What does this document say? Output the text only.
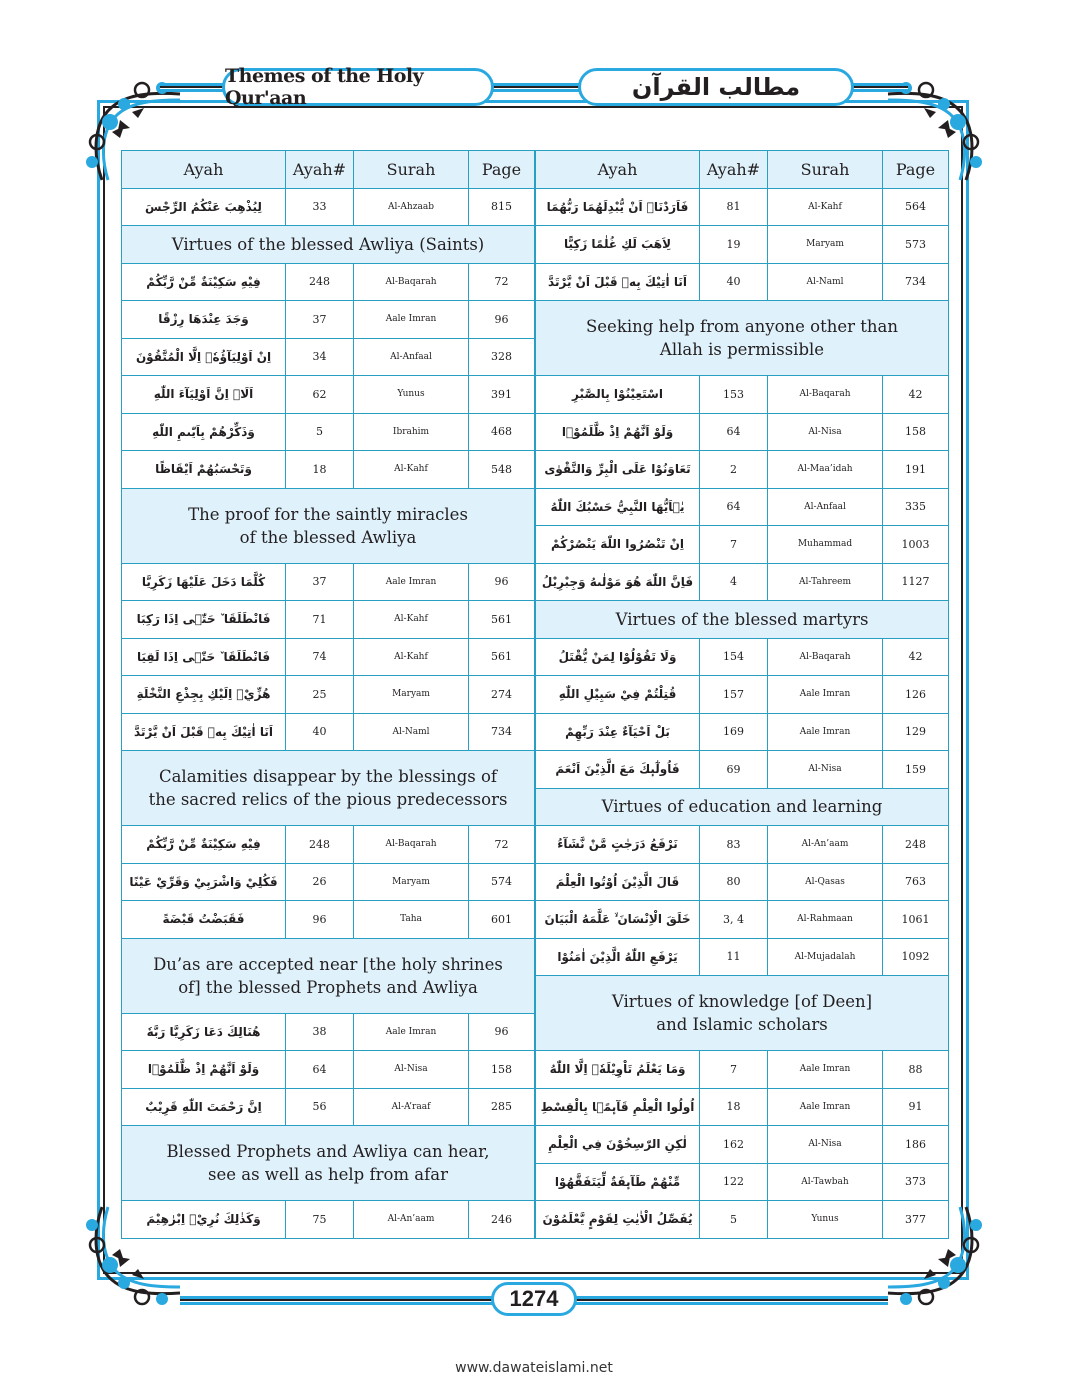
Themes of the Holy Qur'aan	مطالب القرآن
Ayah	Ayah#	Surah	Page
لِيُذْهِبَ عَنْكُمُ الرِّجْسَ	33	Al-Ahzaab	815
Virtues of the blessed Awliya (Saints)
فِيْهِ سَكِيْنَةٌ مِّنْ رَّبِّكُمْ	248	Al-Baqarah	72
وَجَدَ عِنْدَهَا رِزْقًا	37	Aale Imran	96
اِنْ اَوْلِيَآؤُهٗۤ اِلَّا الْمُتَّقُوْنَ	34	Al-Anfaal	328
اَلَاۤ اِنَّ اَوْلِيَآءَ اللّٰهِ	62	Yunus	391
وَذَكِّرْهُمْ بِاَيّٰىمِ اللّٰهِ	5	Ibrahim	468
وَتَحْسَبُهُمْ اَيْقَاظًا	18	Al-Kahf	548
The proof for the saintly miracles
of the blessed Awliya
كُلَّمَا دَخَلَ عَلَيْهَا زَكَرِيَّا	37	Aale Imran	96
فَانْطَلَقَا ٚ حَتّٰۤى اِذَا رَكِبَا	71	Al-Kahf	561
فَانْطَلَقَا ٚ حَتّٰۤى اِذَا لَقِيَا	74	Al-Kahf	561
هُزِّيْۤ اِلَيْكِ بِجِذْعِ النَّخْلَةِ	25	Maryam	274
اَنَا اٰتِيْكَ بِهٖ قَبْلَ اَنْ يَّرْتَدَّ	40	Al-Naml	734
Calamities disappear by the blessings of
the sacred relics of the pious predecessors
فِيْهِ سَكِيْنَةٌ مِّنْ رَّبِّكُمْ	248	Al-Baqarah	72
فَكُلِيْ وَاشْرَبِيْ وَقَرِّيْ عَيْنًا	26	Maryam	574
فَقَبَضْتُ قَبْضَةً	96	Taha	601
Du’as are accepted near [the holy shrines
of] the blessed Prophets and Awliya
هُنَالِكَ دَعَا زَكَرِيَّا رَبَّهٗ	38	Aale Imran	96
وَلَوْ اَنَّهُمْ اِذْ ظَّلَمُوْۤا	64	Al-Nisa	158
اِنَّ رَحْمَتَ اللّٰهِ قَرِيْبٌ	56	Al-A’raaf	285
Blessed Prophets and Awliya can hear,
see as well as help from afar
وَكَذٰلِكَ نُرِيْۤ اِبْرٰهِيْمَ	75	Al-An’aam	246
Ayah	Ayah#	Surah	Page
فَاَرَدْنَاۤ اَنْ يُّبْدِلَهُمَا رَبُّهُمَا	81	Al-Kahf	564
لِاَهَبَ لَكِ غُلٰمًا زَكِيًّا	19	Maryam	573
اَنَا اٰتِيْكَ بِهٖ قَبْلَ اَنْ يَّرْتَدَّ	40	Al-Naml	734
Seeking help from anyone other than
Allah is permissible
اسْتَعِيْنُوْا بِالصَّبْرِ	153	Al-Baqarah	42
وَلَوْ اَنَّهُمْ اِذْ ظَّلَمُوْۤا	64	Al-Nisa	158
تَعَاوَنُوْا عَلَى الْبِرِّ وَالتَّقْوٰى	2	Al-Maa’idah	191
يٰۤاَيُّهَا النَّبِيُّ حَسْبُكَ اللّٰهُ	64	Al-Anfaal	335
اِنْ تَنْصُرُوا اللّٰهَ يَنْصُرْكُمْ	7	Muhammad	1003
فَاِنَّ اللّٰهَ هُوَ مَوْلٰىهُ وَجِبْرِيْلُ	4	Al-Tahreem	1127
Virtues of the blessed martyrs
وَلَا تَقُوْلُوْا لِمَنْ يُّقْتَلُ	154	Al-Baqarah	42
قُتِلْتُمْ فِيْ سَبِيْلِ اللّٰهِ	157	Aale Imran	126
بَلْ اَحْيَآءٌ عِنْدَ رَبِّهِمْ	169	Aale Imran	129
فَاُولٰٓىٕكَ مَعَ الَّذِيْنَ اَنْعَمَ	69	Al-Nisa	159
Virtues of education and learning
نَرْفَعُ دَرَجٰتٍ مَّنْ نَّشَآءُ	83	Al-An’aam	248
قَالَ الَّذِيْنَ اُوْتُوا الْعِلْمَ	80	Al-Qasas	763
خَلَقَ الْاِنْسَانَ ۙ عَلَّمَهُ الْبَيَانَ	3, 4	Al-Rahmaan	1061
يَرْفَعِ اللّٰهُ الَّذِيْنَ اٰمَنُوْا	11	Al-Mujadalah	1092
Virtues of knowledge [of Deen]
and Islamic scholars
وَمَا يَعْلَمُ تَاْوِيْلَهٗۤ اِلَّا اللّٰهُ	7	Aale Imran	88
اُولُوا الْعِلْمِ قَآىٕمًۢا بِالْقِسْطِ	18	Aale Imran	91
لٰكِنِ الرّٰسِخُوْنَ فِي الْعِلْمِ	162	Al-Nisa	186
مِّنْهُمْ طَآىٕفَةٌ لِّيَتَفَقَّهُوْا	122	Al-Tawbah	373
يُفَصِّلُ الْاٰيٰتِ لِقَوْمٍ يَّعْلَمُوْنَ	5	Yunus	377
1274
www.dawateislami.net
